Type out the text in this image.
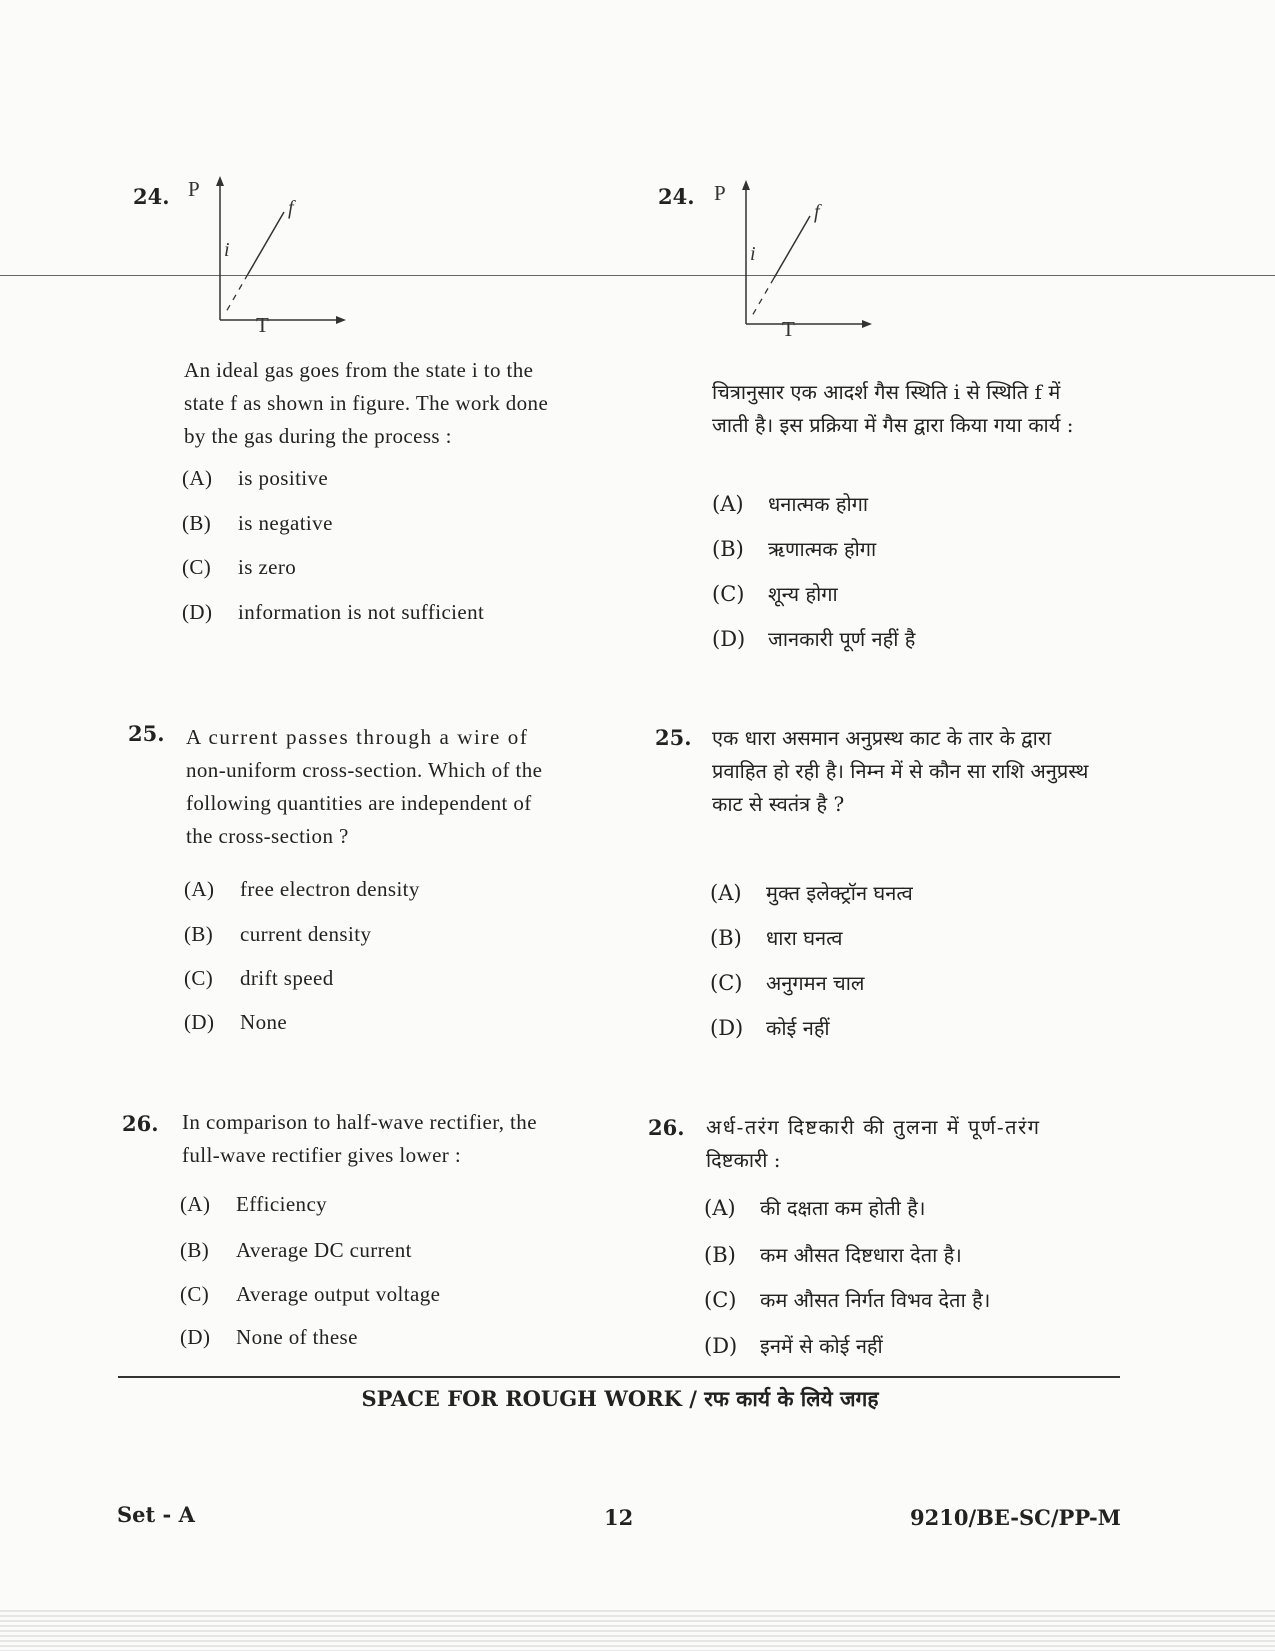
24. P
T
i
f
An ideal gas goes from the state i to the
state f as shown in figure. The work done
by the gas during the process :
(A) is positive
(B) is negative
(C) is zero
(D) information is not sufficient
24. P
T
i
f
चित्रानुसार एक आदर्श गैस स्थिति i से स्थिति f में
जाती है। इस प्रक्रिया में गैस द्वारा किया गया कार्य :
(A) धनात्मक होगा
(B) ऋणात्मक होगा
(C) शून्य होगा
(D) जानकारी पूर्ण नहीं है
25. A current passes through a wire of
non-uniform cross-section. Which of the
following quantities are independent of
the cross-section ?
(A) free electron density
(B) current density
(C) drift speed
(D) None
25. एक धारा असमान अनुप्रस्थ काट के तार के द्वारा
प्रवाहित हो रही है। निम्न में से कौन सा राशि अनुप्रस्थ
काट से स्वतंत्र है ?
(A) मुक्त इलेक्ट्रॉन घनत्व
(B) धारा घनत्व
(C) अनुगमन चाल
(D) कोई नहीं
26. In comparison to half-wave rectifier, the
full-wave rectifier gives lower :
(A) Efficiency
(B) Average DC current
(C) Average output voltage
(D) None of these
26. अर्ध-तरंग दिष्टकारी की तुलना में पूर्ण-तरंग
दिष्टकारी :
(A) की दक्षता कम होती है।
(B) कम औसत दिष्टधारा देता है।
(C) कम औसत निर्गत विभव देता है।
(D) इनमें से कोई नहीं
SPACE FOR ROUGH WORK / रफ कार्य के लिये जगह
Set - A	12	9210/BE-SC/PP-M
